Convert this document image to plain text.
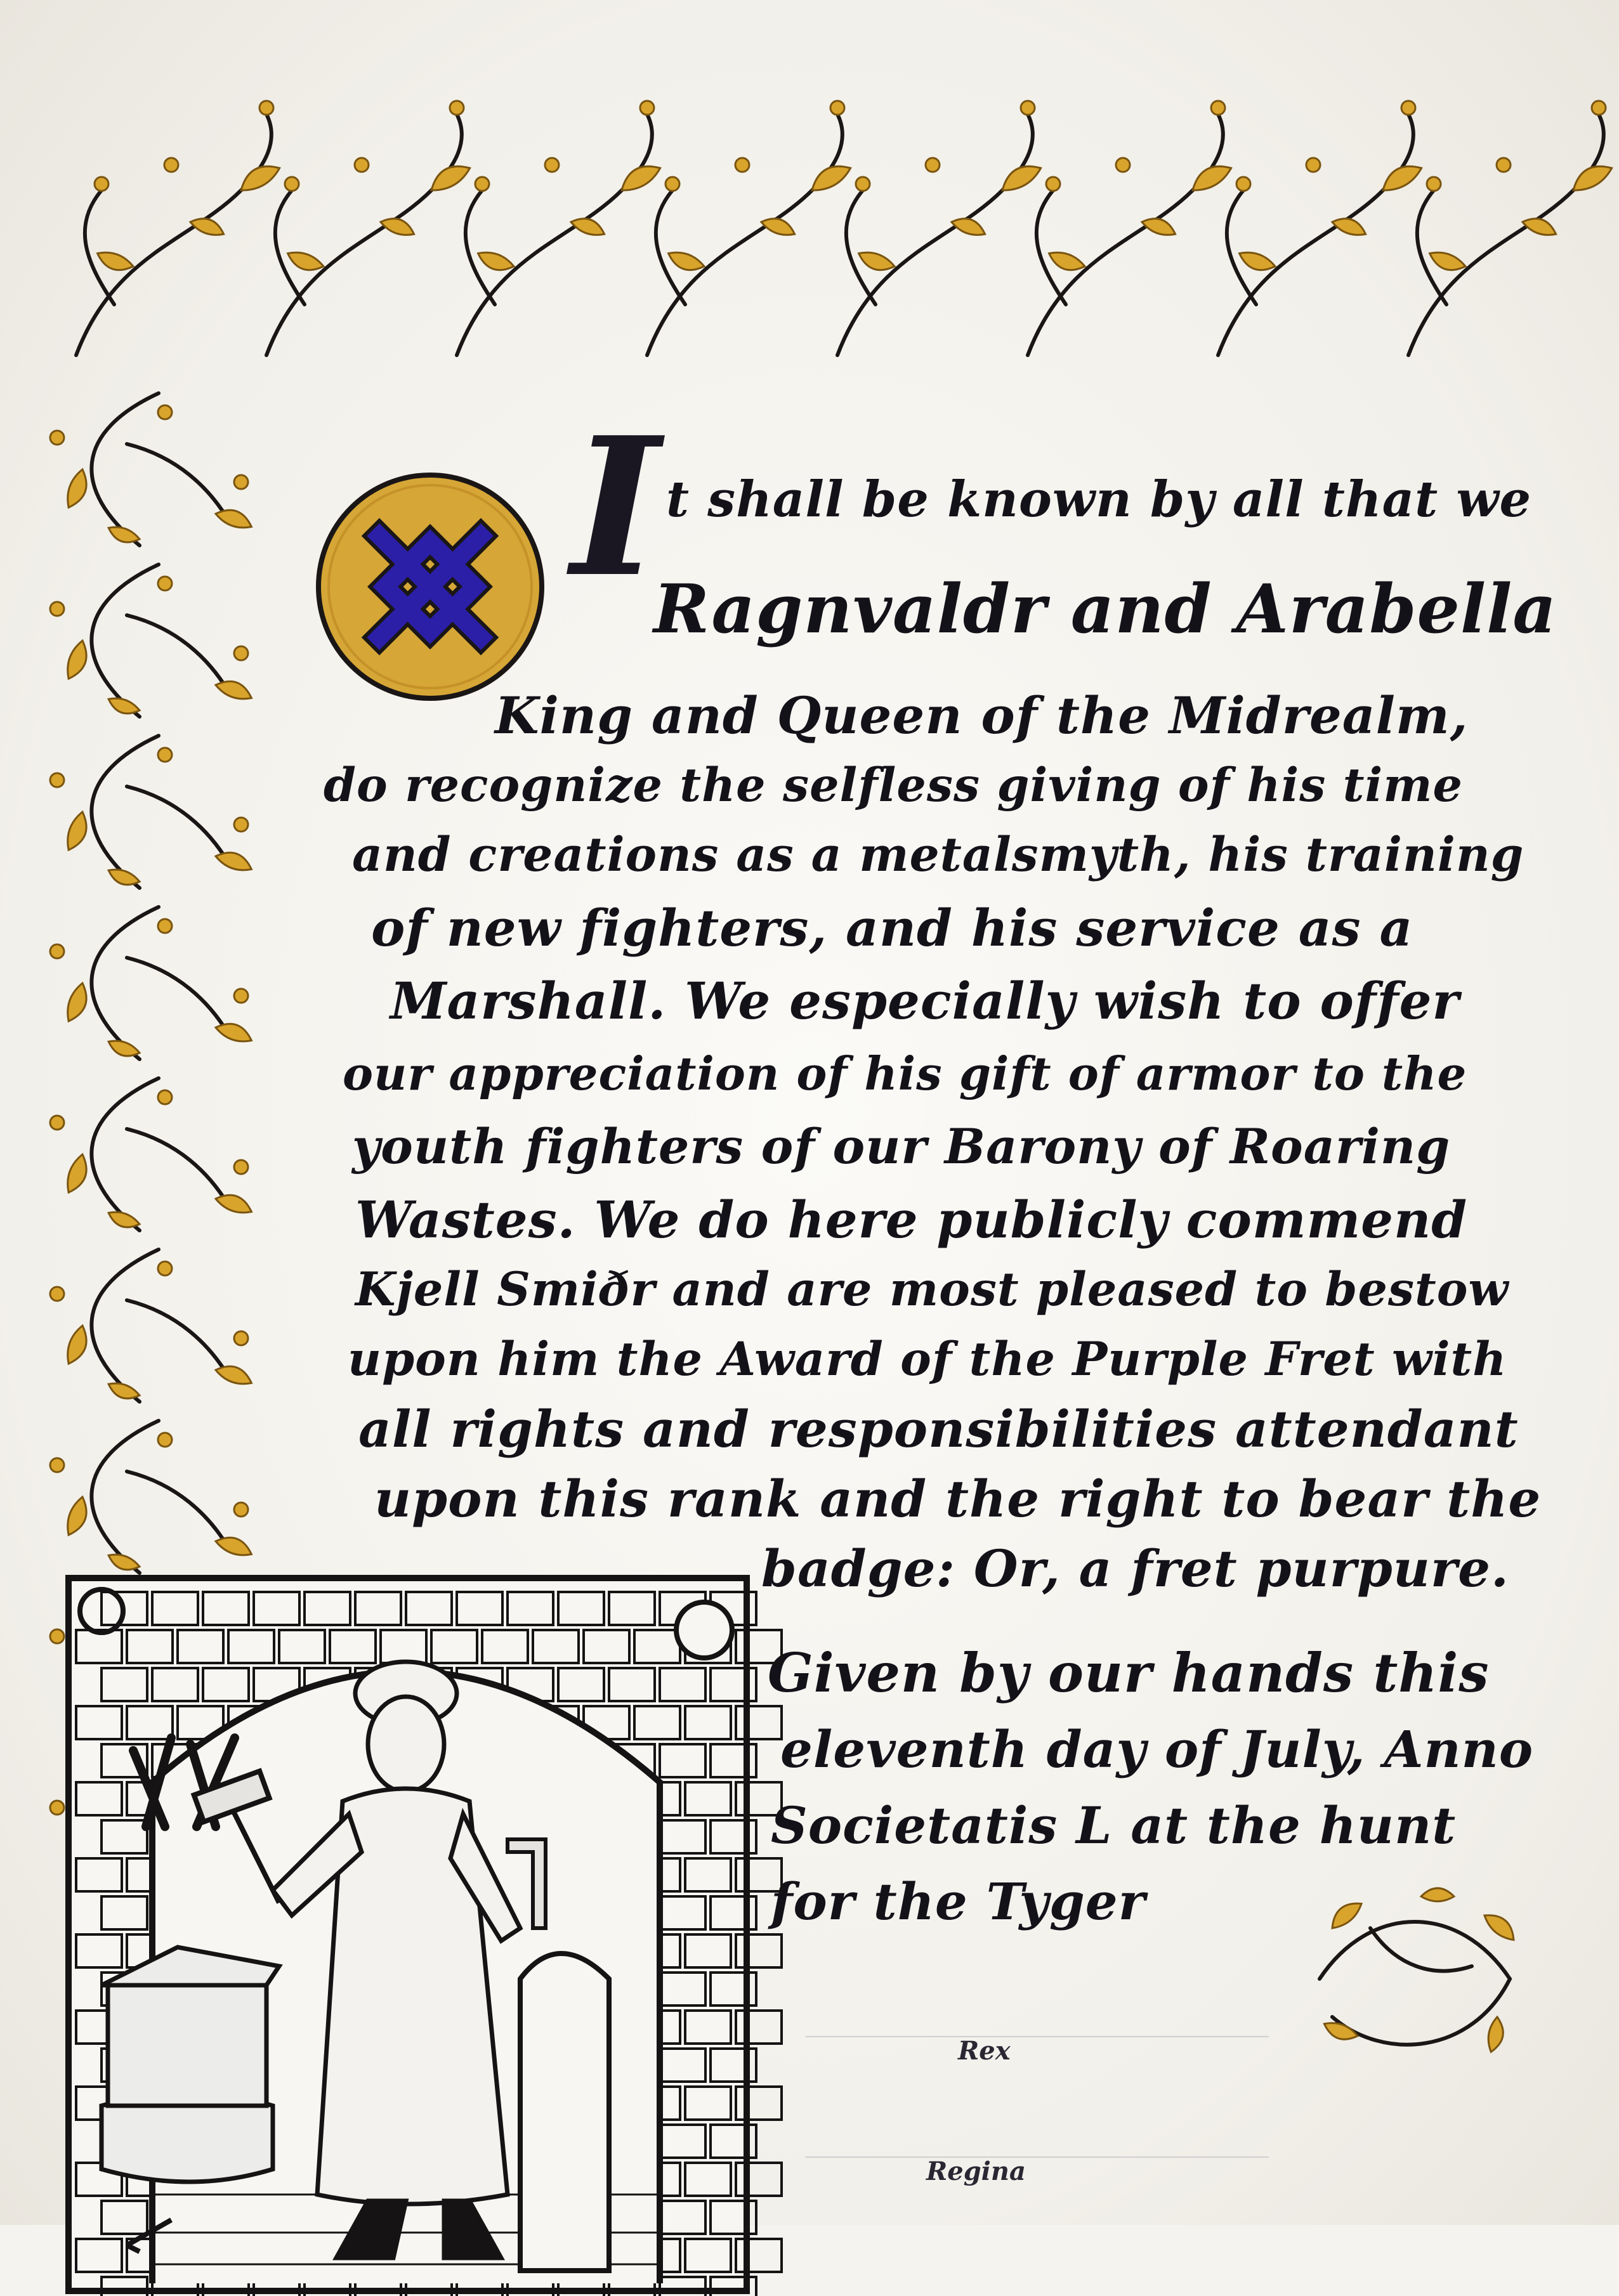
I t shall be known by all that we
Ragnvaldr and Arabella
King and Queen of the Midrealm,
do recognize the selfless giving of his time
and creations as a metalsmyth, his training
of new fighters, and his service as a
Marshall. We especially wish to offer
our appreciation of his gift of armor to the
youth fighters of our Barony of Roaring
Wastes. We do here publicly commend
Kjell Smiðr and are most pleased to bestow
upon him the Award of the Purple Fret with
all rights and responsibilities attendant
upon this rank and the right to bear the
badge: Or, a fret purpure.
Given by our hands this
eleventh day of July, Anno
Societatis L at the hunt
for the Tyger
Rex
Regina
